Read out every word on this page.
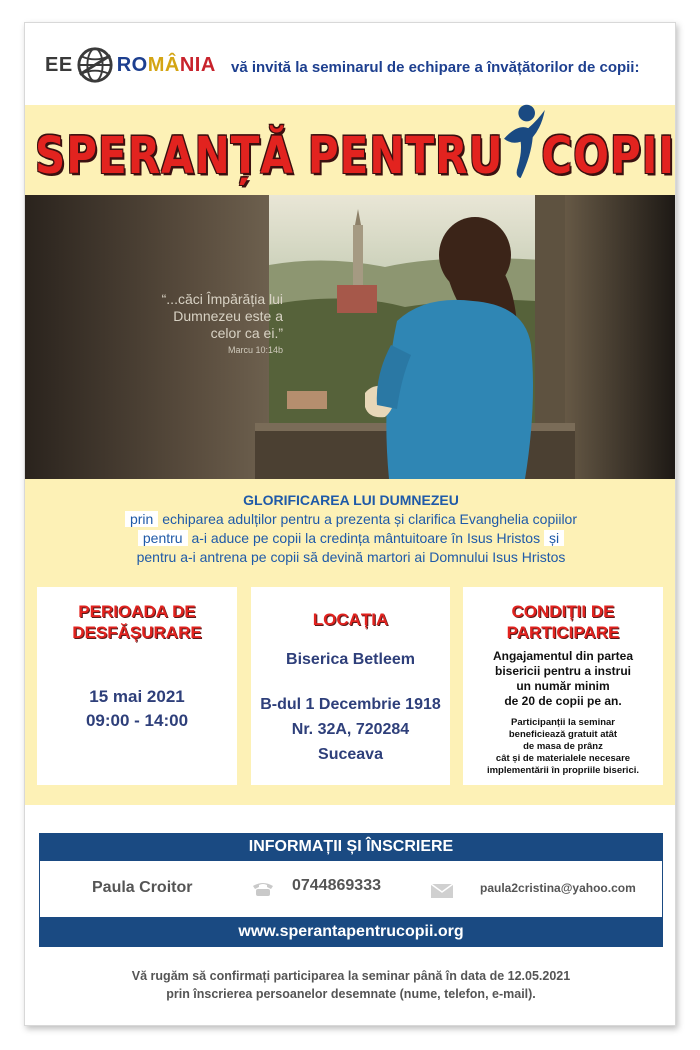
EE ROMÂNIA vă invită la seminarul de echipare a învățătorilor de copii:
SPERANȚĂ PENTRU COPII
“...căci Împărăția lui Dumnezeu este a celor ca ei.”
Marcu 10:14b
GLORIFICAREA LUI DUMNEZEU
prin echiparea adulților pentru a prezenta și clarifica Evanghelia copiilor
pentru a-i aduce pe copii la credința mântuitoare în Isus Hristos și
pentru a-i antrena pe copii să devină martori ai Domnului Isus Hristos
PERIOADA DE
DESFĂȘURARE
15 mai 2021
09:00 - 14:00
LOCAȚIA
Biserica Betleem
B-dul 1 Decembrie 1918
Nr. 32A, 720284
Suceava
CONDIȚII DE
PARTICIPARE
Angajamentul din partea
bisericii pentru a instrui
un număr minim
de 20 de copii pe an.
Participanții la seminar
beneficiează gratuit atât
de masa de prânz
cât și de materialele necesare
implementării în propriile biserici.
INFORMAȚII ȘI ÎNSCRIERE
Paula Croitor	0744869333	paula2cristina@yahoo.com
www.sperantapentrucopii.org
Vă rugăm să confirmați participarea la seminar până în data de 12.05.2021
prin înscrierea persoanelor desemnate (nume, telefon, e-mail).
